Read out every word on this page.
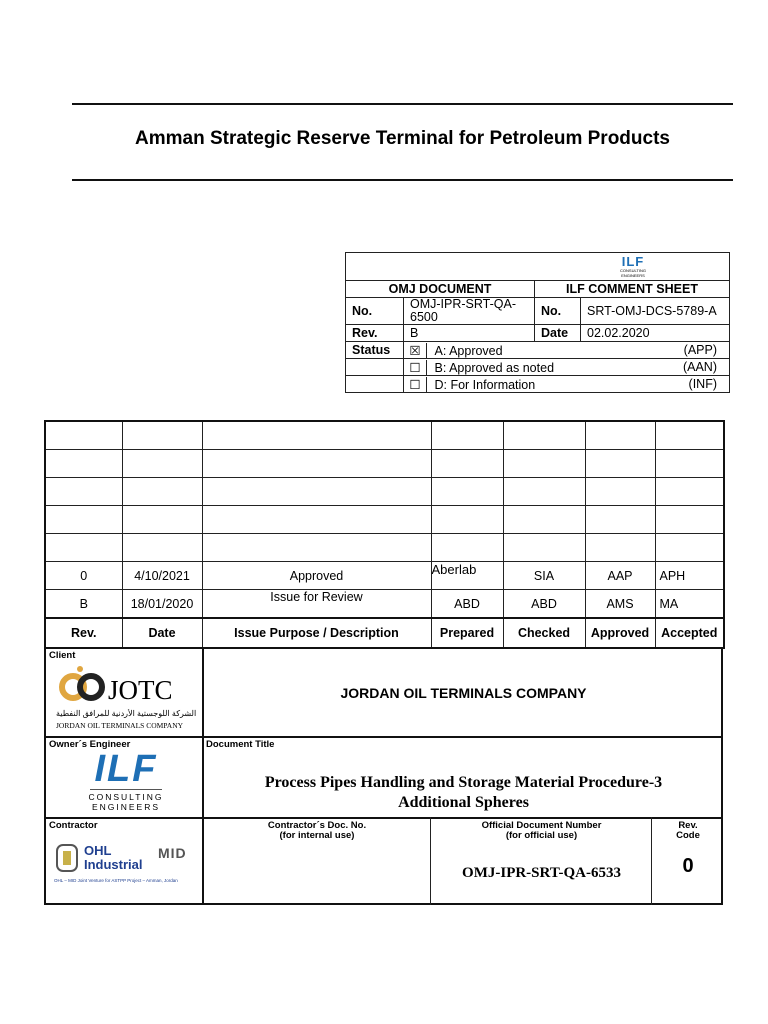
Amman Strategic Reserve Terminal for Petroleum Products
ILF
CONSULTING ENGINEERS			

OMJ DOCUMENT		ILF COMMENT SHEET	
No.	OMJ-IPR-SRT-QA-6500	No.	SRT-OMJ-DCS-5789-A
Rev.	B	Date	02.02.2020
Status	☒ A: Approved (APP)		

	☐ B: Approved as noted (AAN)		

	☐ D: For Information (INF)		

0	4/10/2021	Approved	Aberlab	SIA	AAP	APH
B	18/01/2020	Issue for Review	ABD	ABD	AMS	MA
Rev.	Date	Issue Purpose / Description	Prepared	Checked	Approved	Accepted
Client
JOTC
الشركة اللوجستية الأردنية للمرافق النفطية
JORDAN OIL TERMINALS COMPANY
JORDAN OIL TERMINALS COMPANY
Owner´s Engineer
ILF
CONSULTING
ENGINEERS
Document Title
Process Pipes Handling and Storage Material Procedure-3
Additional Spheres
Contractor
OHL
Industrial
MID
OHL – MID Joint Venture for ASTPP Project – Amman, Jordan
Contractor´s Doc. No.
(for internal use)
Official Document Number
(for official use)
OMJ-IPR-SRT-QA-6533
Rev.
Code
0
